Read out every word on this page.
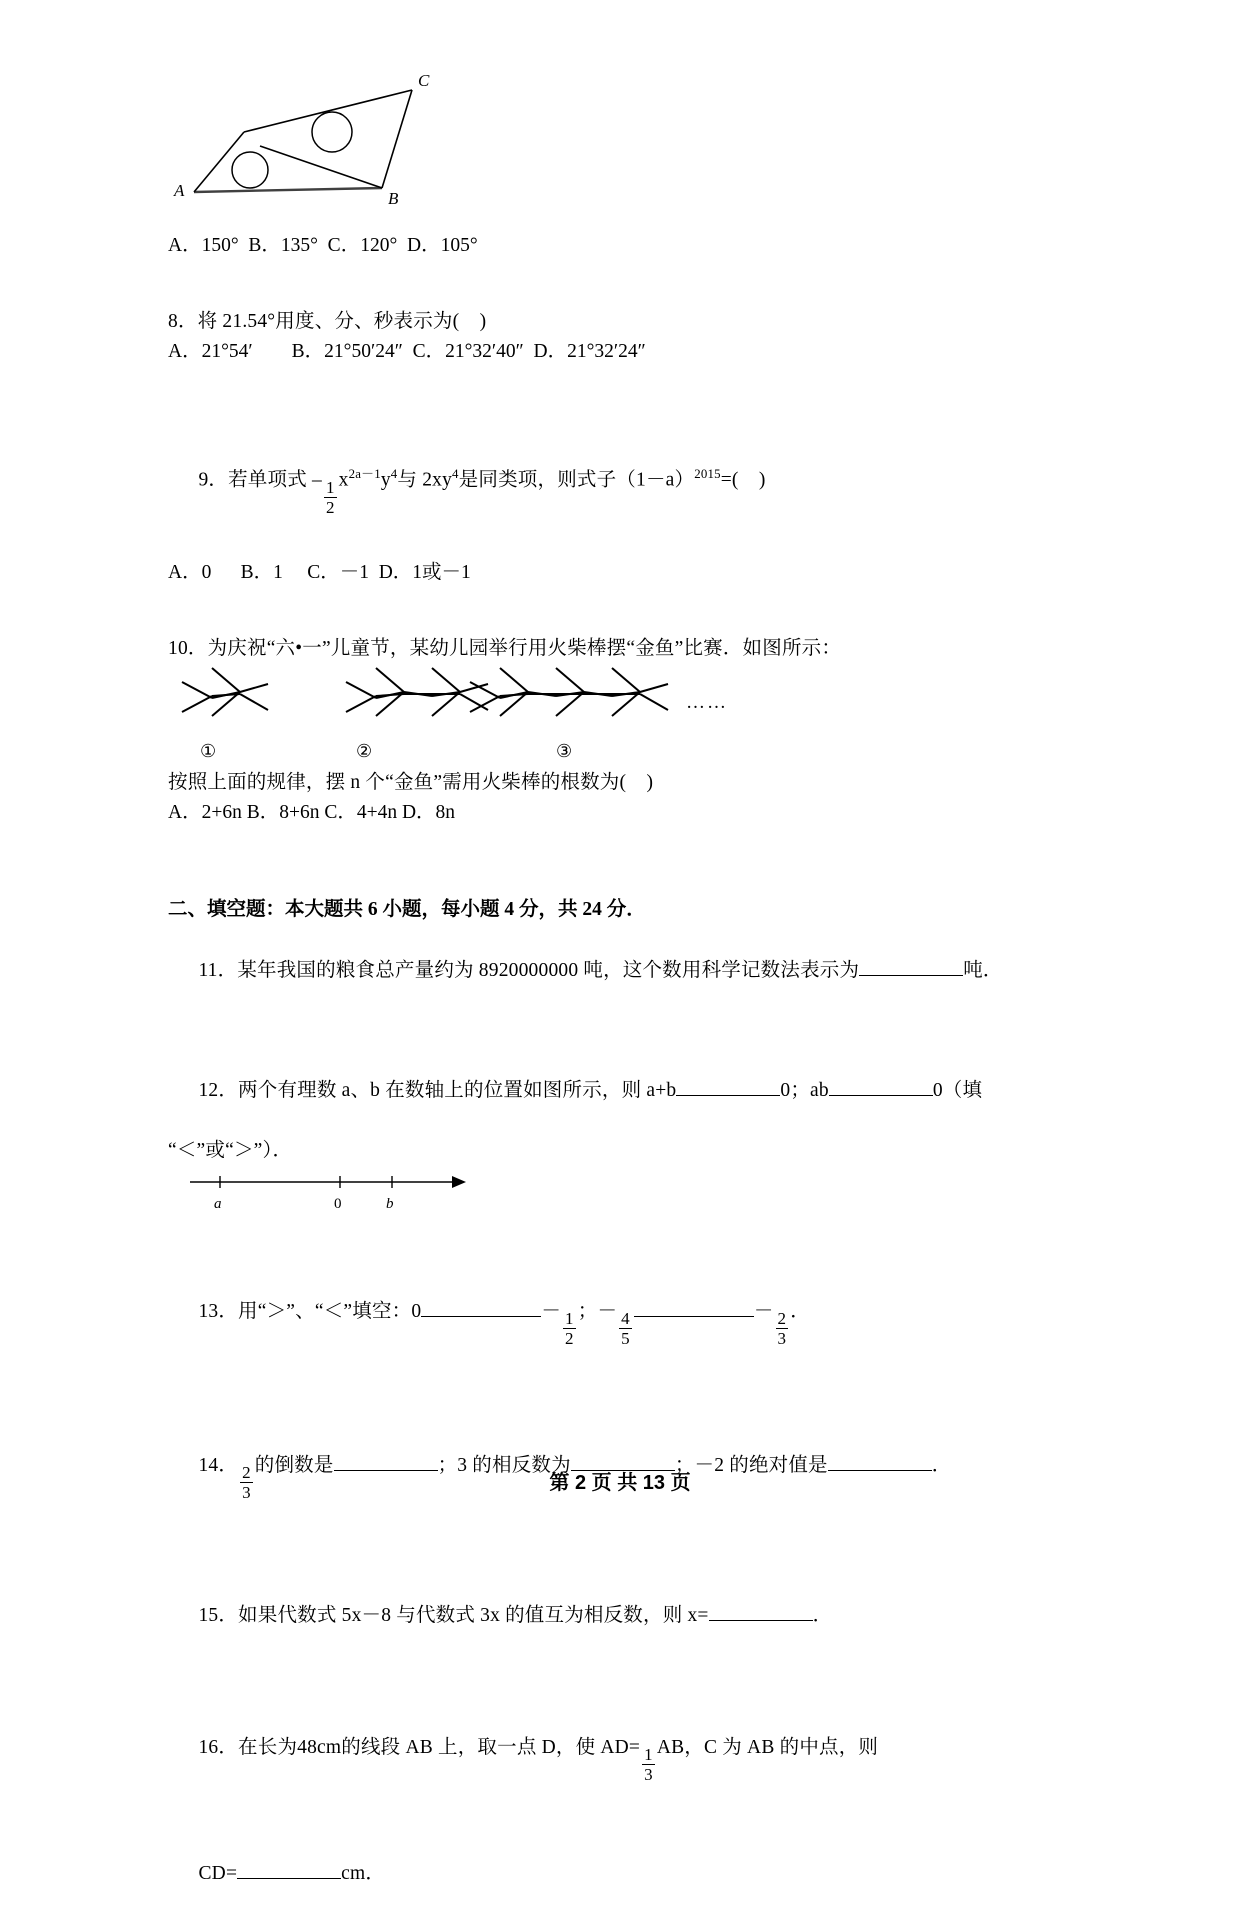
A	B
C
A．150°  B．135°  C．120°  D．105°
8．将 21.54°用度、分、秒表示为(    )
A．21°54′        B．21°50′24″  C．21°32′40″  D．21°32′24″

9．若单项式 – $\frac{1}{2} x^{2a-1}y^4$与 $2xy^4$是同类项，则式子$(1-a)^{2015}=$(    )

A．0      B．1     C．－1  D．1或－1
10．为庆祝“六•一”儿童节，某幼儿园举行用火柴棒摆“金鱼”比赛．如图所示：
……
①	②	③
按照上面的规律，摆 n 个“金鱼”需用火柴棒的根数为(    )
A．2+6n B．8+6n C．4+4n D．8n
二、填空题：本大题共 6 小题，每小题 4 分，共 24 分．

11．某年我国的粮食总产量约为 8920000000 吨，这个数用科学记数法表示为	吨．

12．两个有理数 a、b 在数轴上的位置如图所示，则 a+b	0；ab	0（填

“＜”或“＞”）．
a	0	b

13．用“＞”、“＜”填空：0	－ $\frac{1}{2}$ ；－ $\frac{4}{5}$	－ $\frac{2}{3}$ ．

14． $\frac{2}{3}$ 的倒数是	；3 的相反数为	；－2 的绝对值是	．

15．如果代数式 5x－8 与代数式 3x 的值互为相反数，则 x=	．

16．在长为48cm的线段 AB 上，取一点 D，使 $AD= \frac{1}{3}$ AB，C 为 AB 的中点，则

CD=	cm．

第 2 页 共 13 页
